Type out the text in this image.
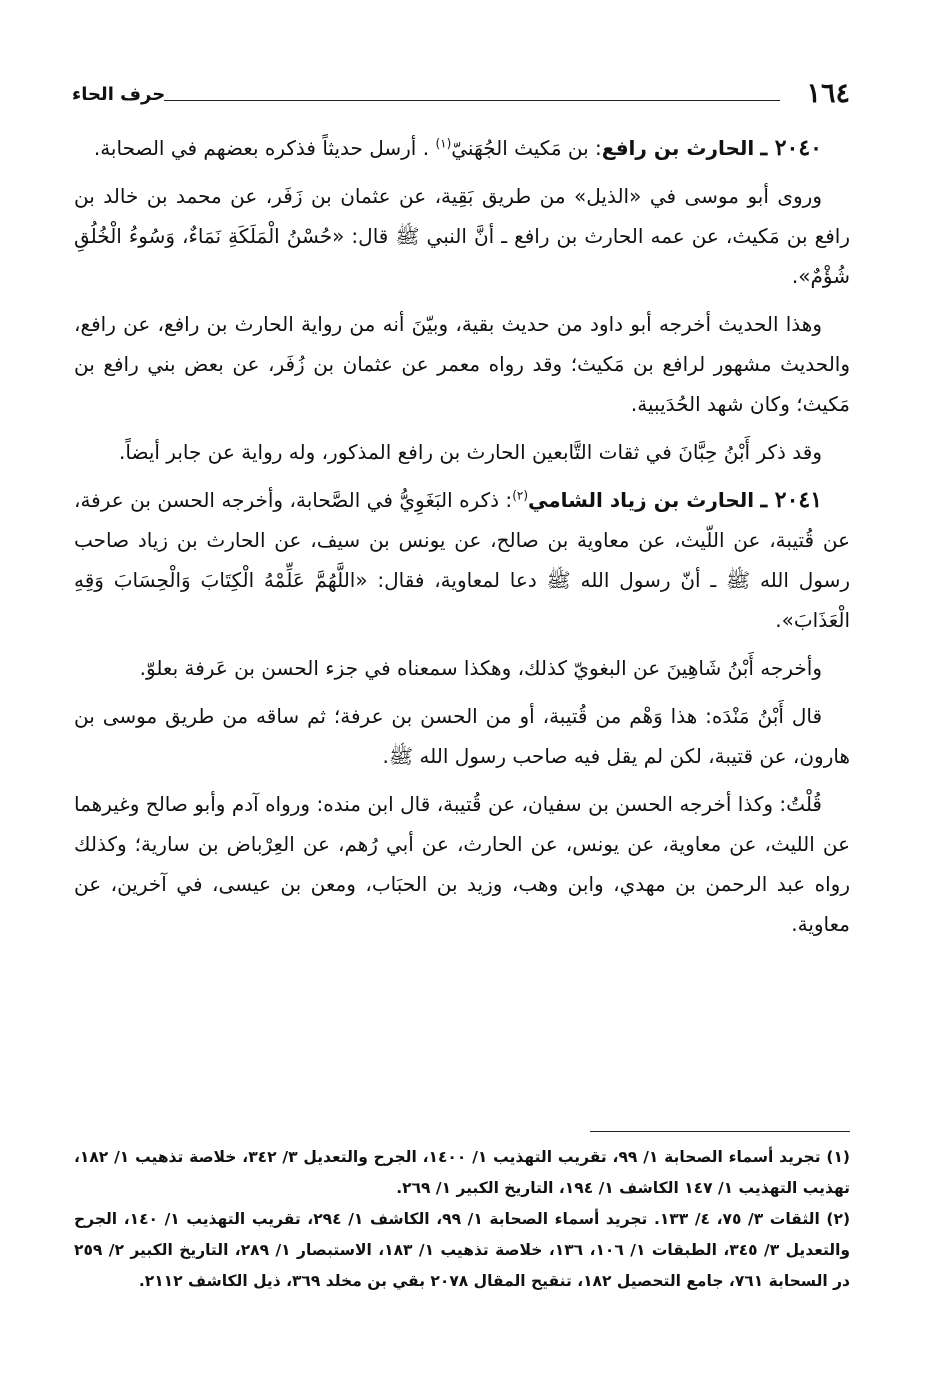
١٦٤
حرف الحاء

٢٠٤٠ ـ الحارث بن رافع: بن مَكيث الجُهَنيّ$^{(١)}$ . أرسل حديثاً فذكره بعضهم في الصحابة.

وروى أبو موسى في «الذيل» من طريق بَقِية، عن عثمان بن زَفَر، عن محمد بن خالد بن رافع بن مَكيث، عن عمه الحارث بن رافع ـ أنَّ النبي ﷺ قال: «حُسْنُ الْمَلَكَةِ نَمَاءٌ، وَسُوءُ الْخُلُقِ شُؤْمٌ».

وهذا الحديث أخرجه أبو داود من حديث بقية، وبيّنَ أنه من رواية الحارث بن رافع، عن رافع، والحديث مشهور لرافع بن مَكيث؛ وقد رواه معمر عن عثمان بن زُفَر، عن بعض بني رافع بن مَكيث؛ وكان شهد الحُدَيبية.

وقد ذكر أَبْنُ حِبَّانَ في ثقات التَّابعين الحارث بن رافع المذكور، وله رواية عن جابر أيضاً.

٢٠٤١ ـ الحارث بن زياد الشامي$^{(٢)}$: ذكره البَغَوِيُّ في الصَّحابة، وأخرجه الحسن بن عرفة، عن قُتيبة، عن اللّيث، عن معاوية بن صالح، عن يونس بن سيف، عن الحارث بن زياد صاحب رسول الله ﷺ ـ أنّ رسول الله ﷺ دعا لمعاوية، فقال: «اللَّهُمَّ عَلِّمْهُ الْكِتَابَ وَالْحِسَابَ وَقِهِ الْعَذَابَ».

وأخرجه أَبْنُ شَاهِينَ عن البغويّ كذلك، وهكذا سمعناه في جزء الحسن بن عَرفة بعلوّ.

قال أَبْنُ مَنْدَه: هذا وَهْم من قُتيبة، أو من الحسن بن عرفة؛ ثم ساقه من طريق موسى بن هارون، عن قتيبة، لكن لم يقل فيه صاحب رسول الله ﷺ.

قُلْتُ: وكذا أخرجه الحسن بن سفيان، عن قُتيبة، قال ابن منده: ورواه آدم وأبو صالح وغيرهما عن الليث، عن معاوية، عن يونس، عن الحارث، عن أبي رُهم، عن العِرْباض بن سارية؛ وكذلك رواه عبد الرحمن بن مهدي، وابن وهب، وزيد بن الحبَاب، ومعن بن عيسى، في آخرين، عن معاوية.

(١) تجريد أسماء الصحابة ١/ ٩٩، تقريب التهذيب ١/ ١٤٠٠، الجرح والتعديل ٣/ ٣٤٢، خلاصة تذهيب ١/ ١٨٢، تهذيب التهذيب ١/ ١٤٧ الكاشف ١/ ١٩٤، التاريخ الكبير ١/ ٢٦٩.

(٢) الثقات ٣/ ٧٥، ٤/ ١٣٣. تجريد أسماء الصحابة ١/ ٩٩، الكاشف ١/ ٢٩٤، تقريب التهذيب ١/ ١٤٠، الجرح والتعديل ٣/ ٣٤٥، الطبقات ١/ ١٠٦، ١٣٦، خلاصة تذهيب ١/ ١٨٣، الاستبصار ١/ ٢٨٩، التاريخ الكبير ٢/ ٢٥٩ در السحابة ٧٦١، جامع التحصيل ١٨٢، تنقيح المقال ٢٠٧٨ بقي بن مخلد ٣٦٩، ذيل الكاشف ٢١١٢.
